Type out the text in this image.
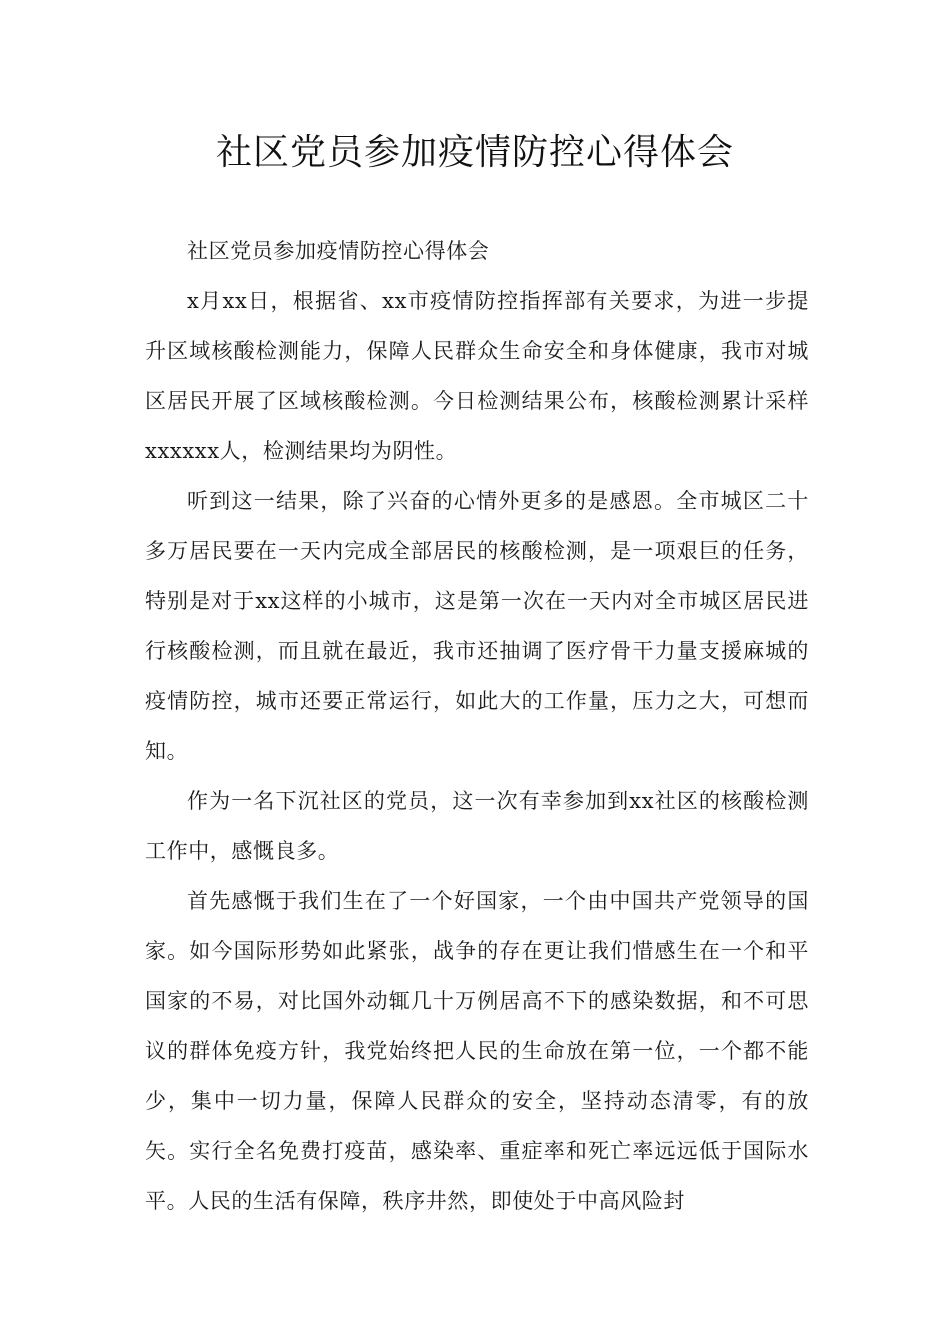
社区党员参加疫情防控心得体会

社区党员参加疫情防控心得体会

x月xx日，根据省、xx市疫情防控指挥部有关要求，为进一步提升区域核酸检测能力，保障人民群众生命安全和身体健康，我市对城区居民开展了区域核酸检测。今日检测结果公布，核酸检测累计采样xxxxxx人，检测结果均为阴性。

听到这一结果，除了兴奋的心情外更多的是感恩。全市城区二十多万居民要在一天内完成全部居民的核酸检测，是一项艰巨的任务，特别是对于xx这样的小城市，这是第一次在一天内对全市城区居民进行核酸检测，而且就在最近，我市还抽调了医疗骨干力量支援麻城的疫情防控，城市还要正常运行，如此大的工作量，压力之大，可想而知。

作为一名下沉社区的党员，这一次有幸参加到xx社区的核酸检测工作中，感慨良多。

首先感慨于我们生在了一个好国家，一个由中国共产党领导的国家。如今国际形势如此紧张，战争的存在更让我们惜感生在一个和平国家的不易，对比国外动辄几十万例居高不下的感染数据，和不可思议的群体免疫方针，我党始终把人民的生命放在第一位，一个都不能少，集中一切力量，保障人民群众的安全，坚持动态清零，有的放矢。实行全名免费打疫苗，感染率、重症率和死亡率远远低于国际水平。人民的生活有保障，秩序井然，即使处于中高风险封
